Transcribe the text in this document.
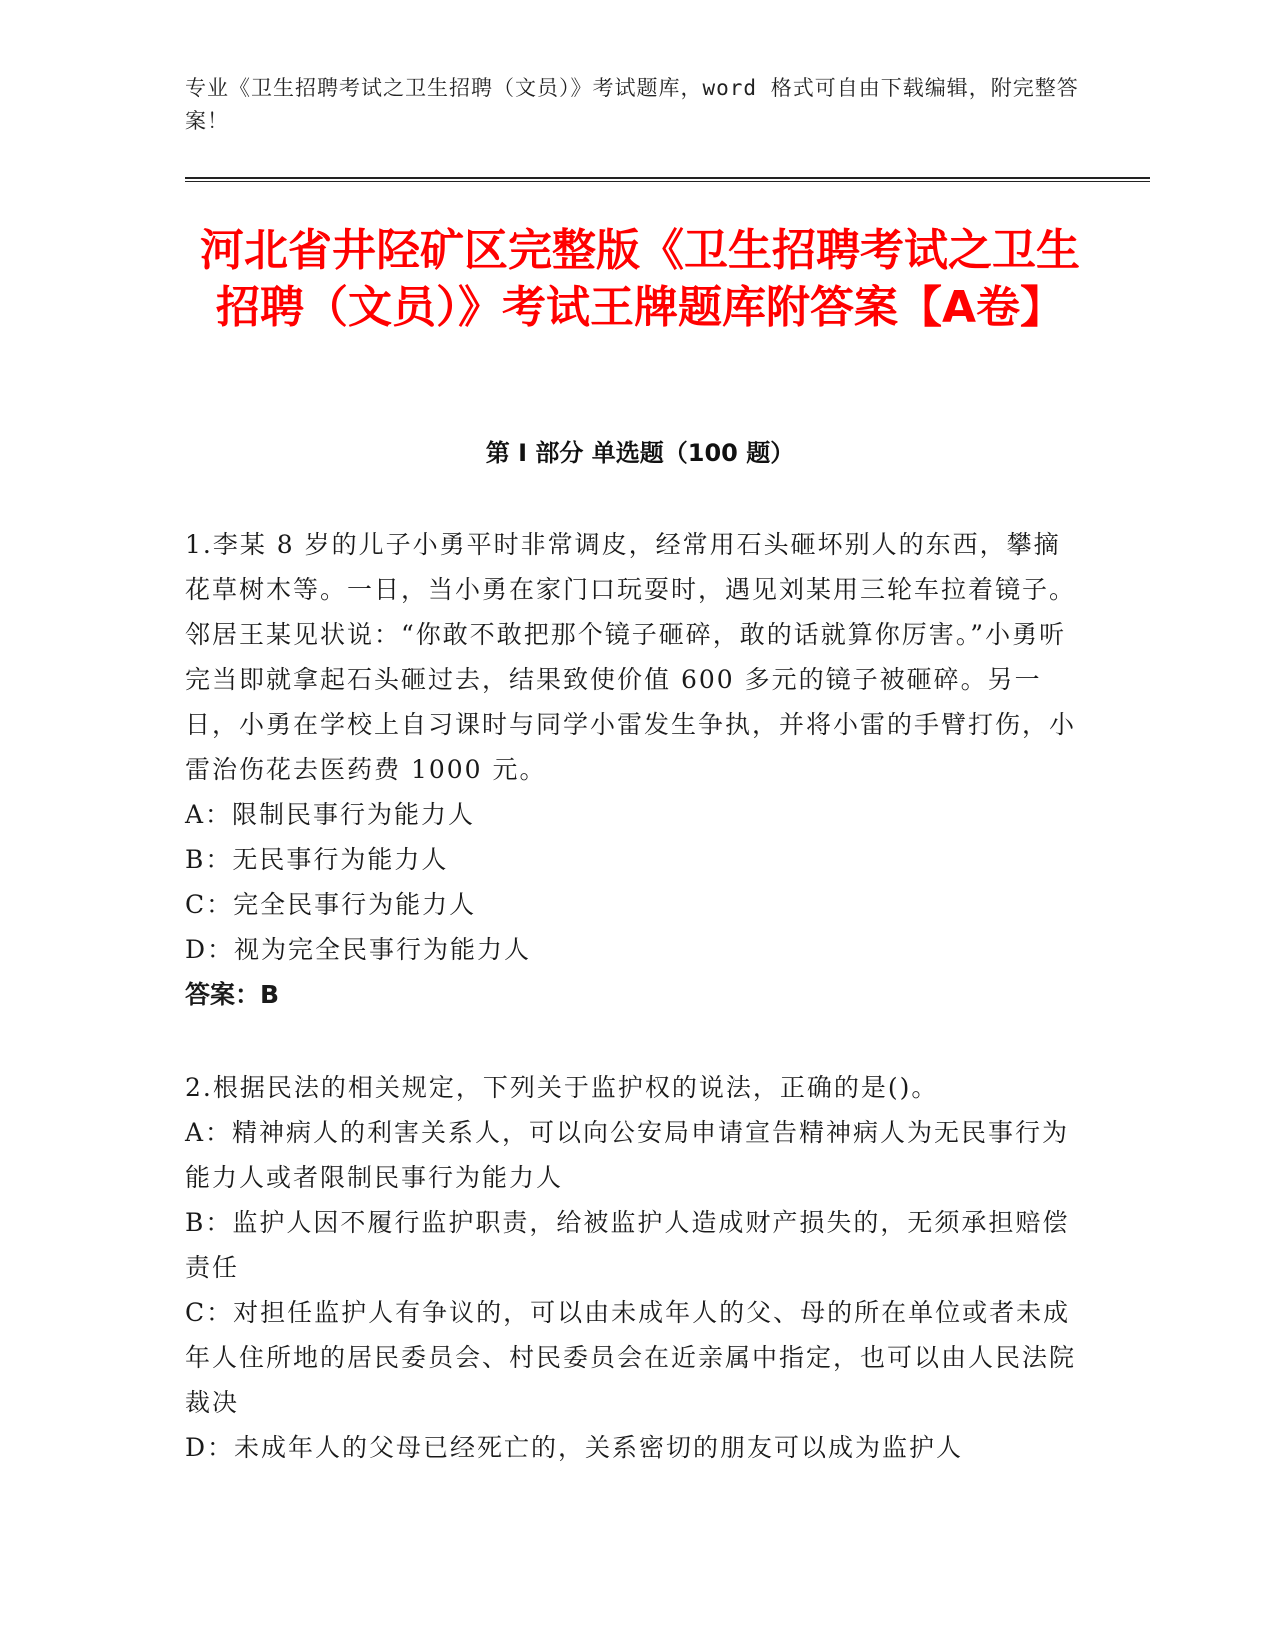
专业《卫生招聘考试之卫生招聘（文员）》考试题库，word 格式可自由下载编辑，附完整答案！
河北省井陉矿区完整版《卫生招聘考试之卫生招聘（文员）》考试王牌题库附答案【A卷】
第 I 部分 单选题（100 题）

1.李某 8 岁的儿子小勇平时非常调皮，经常用石头砸坏别人的东西，攀摘花草树木等。一日，当小勇在家门口玩耍时，遇见刘某用三轮车拉着镜子。邻居王某见状说：“你敢不敢把那个镜子砸碎，敢的话就算你厉害。”小勇听完当即就拿起石头砸过去，结果致使价值 600 多元的镜子被砸碎。另一日，小勇在学校上自习课时与同学小雷发生争执，并将小雷的手臂打伤，小雷治伤花去医药费 1000 元。

A：限制民事行为能力人

B：无民事行为能力人

C：完全民事行为能力人

D：视为完全民事行为能力人

答案：B

2.根据民法的相关规定，下列关于监护权的说法，正确的是()。

A：精神病人的利害关系人，可以向公安局申请宣告精神病人为无民事行为能力人或者限制民事行为能力人

B：监护人因不履行监护职责，给被监护人造成财产损失的，无须承担赔偿责任

C：对担任监护人有争议的，可以由未成年人的父、母的所在单位或者未成年人住所地的居民委员会、村民委员会在近亲属中指定，也可以由人民法院裁决

D：未成年人的父母已经死亡的，关系密切的朋友可以成为监护人
